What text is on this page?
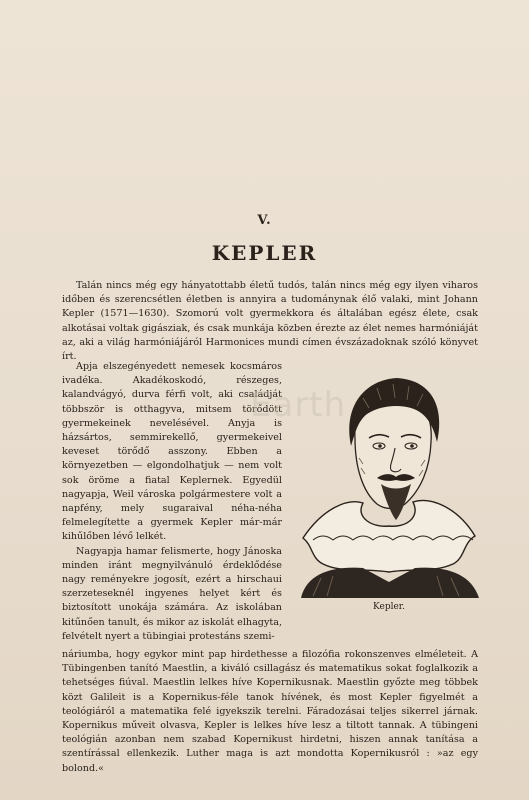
V.
KEPLER

Talán nincs még egy hányatottabb életű tudós, talán nincs még egy ilyen viharos időben és szerencsétlen életben is annyira a tudománynak élő valaki, mint Johann Kepler (1571—1630). Szomorú volt gyermekkora és általában egész élete, csak alkotásai voltak gigásziak, és csak munkája közben érezte az élet nemes harmóniáját az, aki a világ harmóniájáról Harmonices mundi címen évszázadoknak szóló könyvet írt.

Apja elszegényedett nemesek kocsmáros ivadéka. Akadékoskodó, részeges, kalandvágyó, durva férfi volt, aki családját többször is otthagyva, mitsem törődött gyermekeinek nevelésével. Anyja is házsártos, semmirekellő, gyermekeivel keveset törődő asszony. Ebben a környezetben — elgondolhatjuk — nem volt sok öröme a fiatal Keplernek. Egyedül nagyapja, Weil városka polgármestere volt a napfény, mely sugaraival néha-néha felmelegítette a gyermek Kepler már-már kihűlőben lévő lelkét.

Nagyapja hamar felismerte, hogy Jánoska minden iránt megnyilvánuló érdeklődése nagy reményekre jogosít, ezért a hirschaui szerzeteseknél ingyenes helyet kért és biztosított unokája számára. Az iskolában kitűnően tanult, és mikor az iskolát elhagyta, felvételt nyert a tübingiai protestáns szemi-

Kepler.
Earth

náriumba, hogy egykor mint pap hirdethesse a filozófia rokonszenves elméleteit. A Tübingenben tanító Maestlin, a kiváló csillagász és matematikus sokat foglalkozik a tehetséges fiúval. Maestlin lelkes híve Kopernikusnak. Maestlin győzte meg többek közt Galileit is a Kopernikus-féle tanok hívének, és most Kepler figyelmét a teológiáról a matematika felé igyekszik terelni. Fáradozásai teljes sikerrel járnak. Kopernikus műveit olvasva, Kepler is lelkes híve lesz a tiltott tannak. A tübingeni teológián azonban nem szabad Kopernikust hirdetni, hiszen annak tanítása a szentírással ellenkezik. Luther maga is azt mondotta Kopernikusról : »az egy bolond.«
